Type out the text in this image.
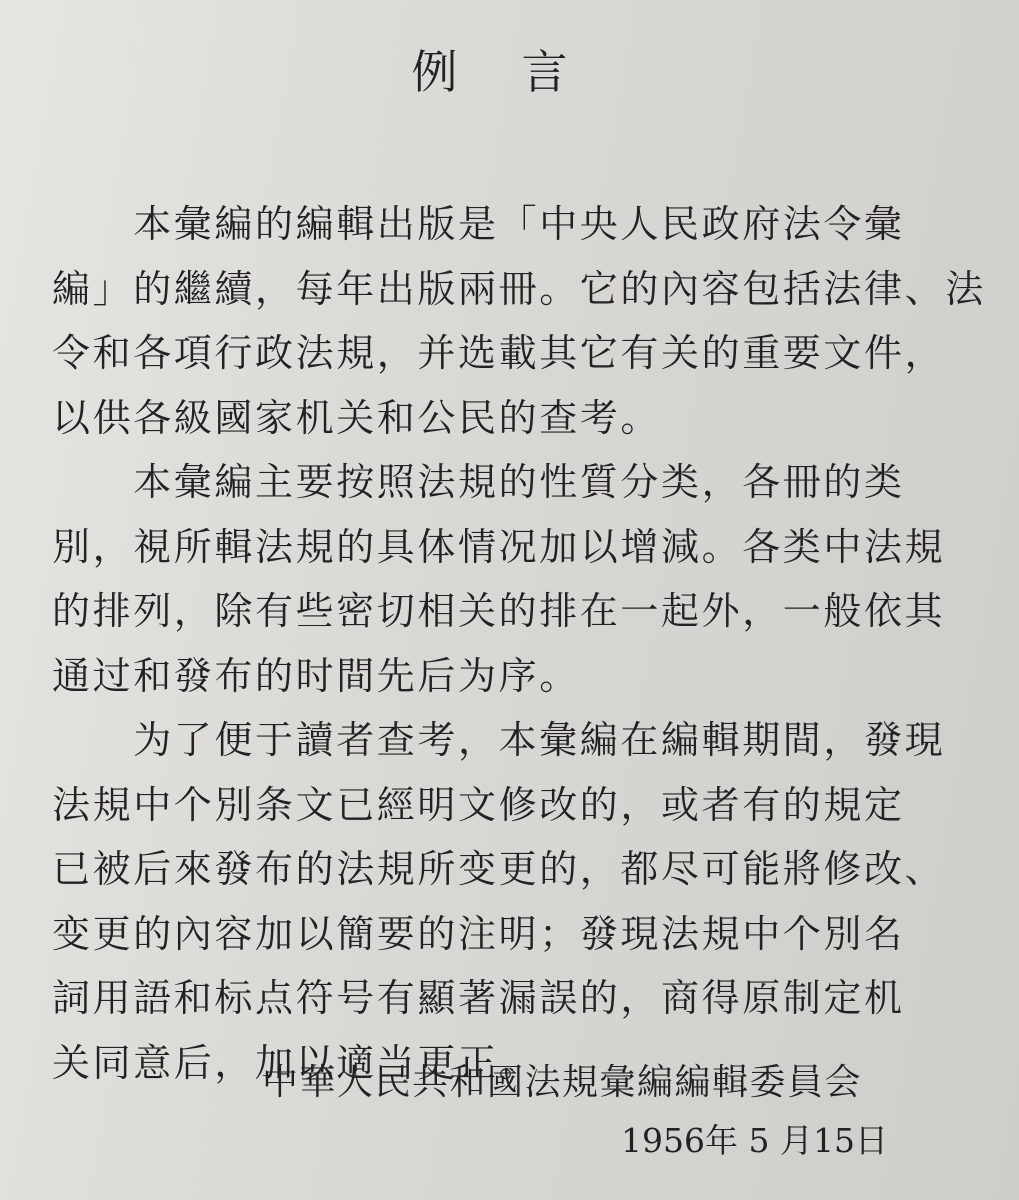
例言
　　本彙編的編輯出版是「中央人民政府法令彙
編」的繼續，每年出版兩冊。它的內容包括法律、法
令和各項行政法規，并选載其它有关的重要文件，
以供各級國家机关和公民的查考。
　　本彙編主要按照法規的性質分类，各冊的类
別，視所輯法規的具体情况加以增減。各类中法規
的排列，除有些密切相关的排在一起外，一般依其
通过和發布的时間先后为序。
　　为了便于讀者查考，本彙編在編輯期間，發現
法規中个別条文已經明文修改的，或者有的規定
已被后來發布的法規所变更的，都尽可能將修改、
变更的內容加以簡要的注明；發現法規中个別名
詞用語和标点符号有顯著漏誤的，商得原制定机
关同意后，加以適当更正。
中華人民共和國法規彙編編輯委員会
1956年 5 月15日
